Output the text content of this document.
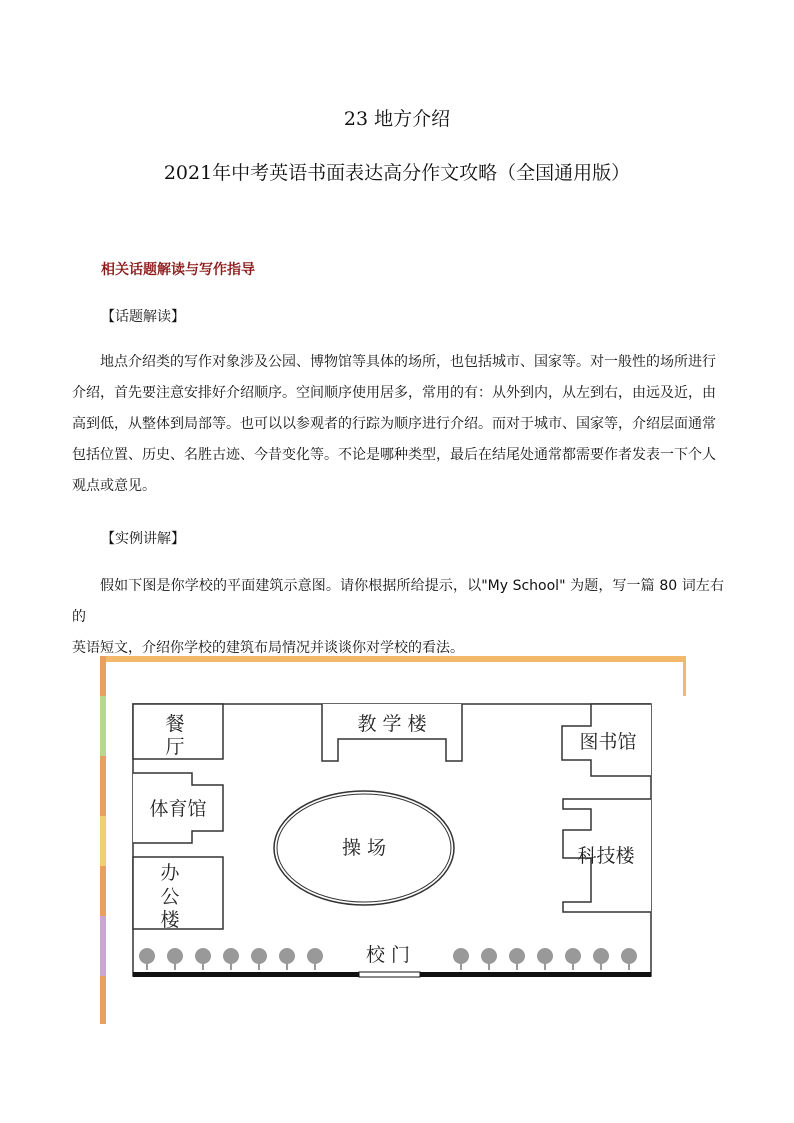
23 地方介绍
2021年中考英语书面表达高分作文攻略（全国通用版）
相关话题解读与写作指导
【话题解读】
地点介绍类的写作对象涉及公园、博物馆等具体的场所，也包括城市、国家等。对一般性的场所进行
介绍，首先要注意安排好介绍顺序。空间顺序使用居多，常用的有：从外到内，从左到右，由远及近，由
高到低，从整体到局部等。也可以以参观者的行踪为顺序进行介绍。而对于城市、国家等，介绍层面通常
包括位置、历史、名胜古迹、今昔变化等。不论是哪种类型，最后在结尾处通常都需要作者发表一下个人
观点或意见。
【实例讲解】
假如下图是你学校的平面建筑示意图。请你根据所给提示，以"My School" 为题，写一篇 80 词左右的
英语短文，介绍你学校的建筑布局情况并谈谈你对学校的看法。
餐
厅
教 学 楼
图书馆
体育馆
操 场	科技楼
办
公
楼
校 门
